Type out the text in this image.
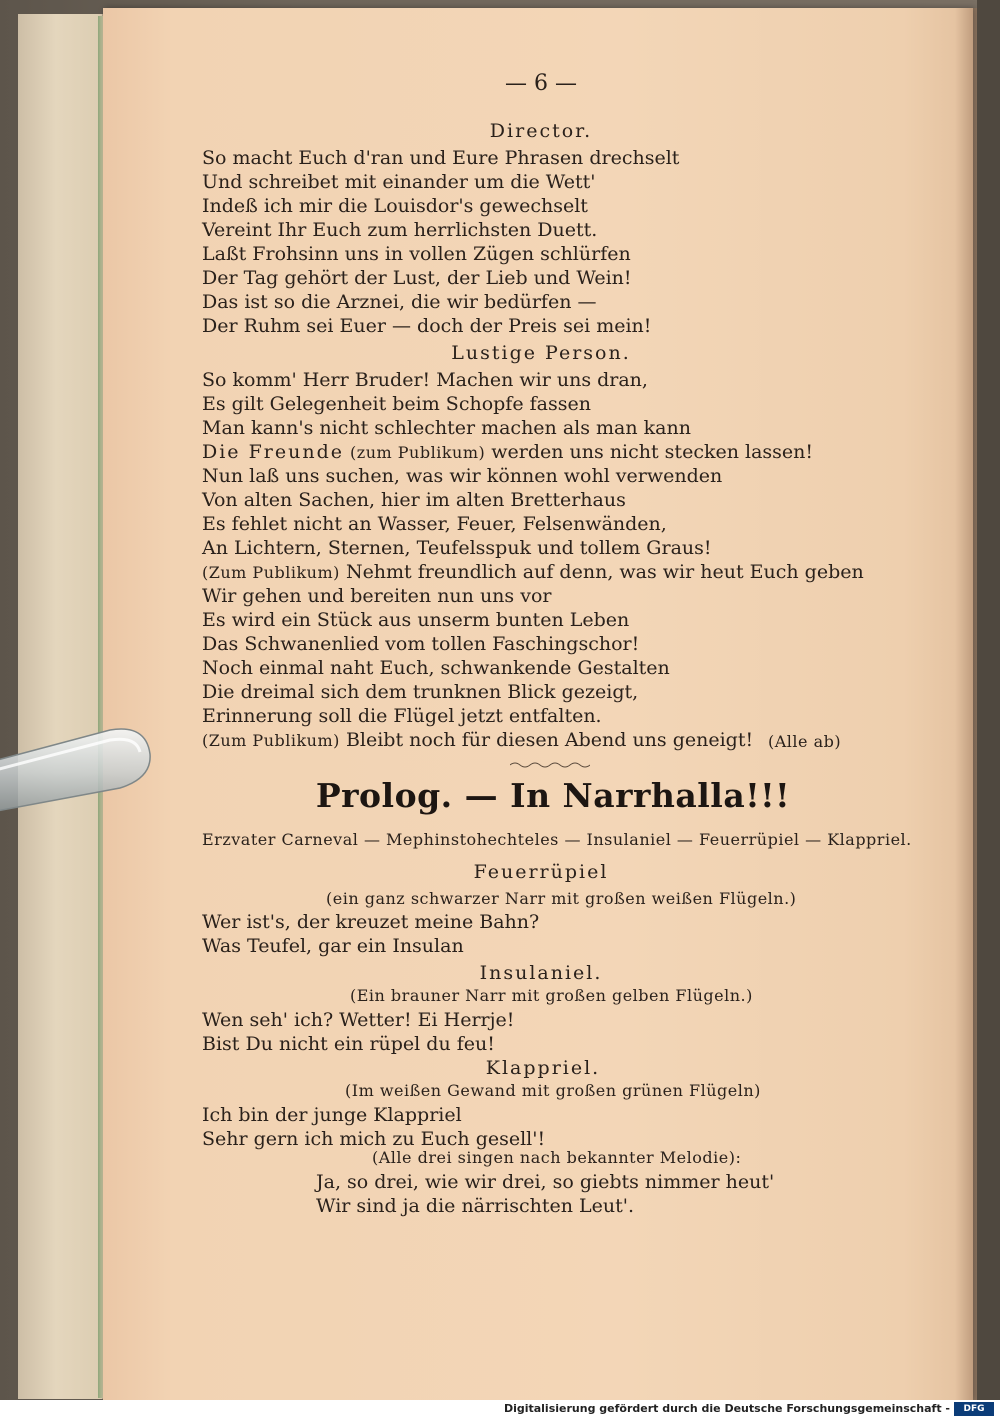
— 6 —
Director.
So macht Euch d'ran und Eure Phrasen drechselt
Und schreibet mit einander um die Wett'
Indeß ich mir die Louisdor's gewechselt
Vereint Ihr Euch zum herrlichsten Duett.
Laßt Frohsinn uns in vollen Zügen schlürfen
Der Tag gehört der Lust, der Lieb und Wein!
Das ist so die Arznei, die wir bedürfen —
Der Ruhm sei Euer — doch der Preis sei mein!
Lustige Person.
So komm' Herr Bruder! Machen wir uns dran,
Es gilt Gelegenheit beim Schopfe fassen
Man kann's nicht schlechter machen als man kann
Die Freunde (zum Publikum) werden uns nicht stecken lassen!
Nun laß uns suchen, was wir können wohl verwenden
Von alten Sachen, hier im alten Bretterhaus
Es fehlet nicht an Wasser, Feuer, Felsenwänden,
An Lichtern, Sternen, Teufelsspuk und tollem Graus!
(Zum Publikum) Nehmt freundlich auf denn, was wir heut Euch geben
Wir gehen und bereiten nun uns vor
Es wird ein Stück aus unserm bunten Leben
Das Schwanenlied vom tollen Faschingschor!
Noch einmal naht Euch, schwankende Gestalten
Die dreimal sich dem trunknen Blick gezeigt,
Erinnerung soll die Flügel jetzt entfalten.
(Zum Publikum) Bleibt noch für diesen Abend uns geneigt! (Alle ab)
Prolog. — In Narrhalla!!!
Erzvater Carneval — Mephinstohechteles — Insulaniel — Feuerrüpiel — Klappriel.
Feuerrüpiel
(ein ganz schwarzer Narr mit großen weißen Flügeln.)
Wer ist's, der kreuzet meine Bahn?
Was Teufel, gar ein Insulan
Insulaniel.
(Ein brauner Narr mit großen gelben Flügeln.)
Wen seh' ich? Wetter! Ei Herrje!
Bist Du nicht ein rüpel du feu!
Klappriel.
(Im weißen Gewand mit großen grünen Flügeln)
Ich bin der junge Klappriel
Sehr gern ich mich zu Euch gesell'!
(Alle drei singen nach bekannter Melodie):
Ja, so drei, wie wir drei, so giebts nimmer heut'
Wir sind ja die närrischten Leut'.
Digitalisierung gefördert durch die Deutsche Forschungsgemeinschaft -	DFG
